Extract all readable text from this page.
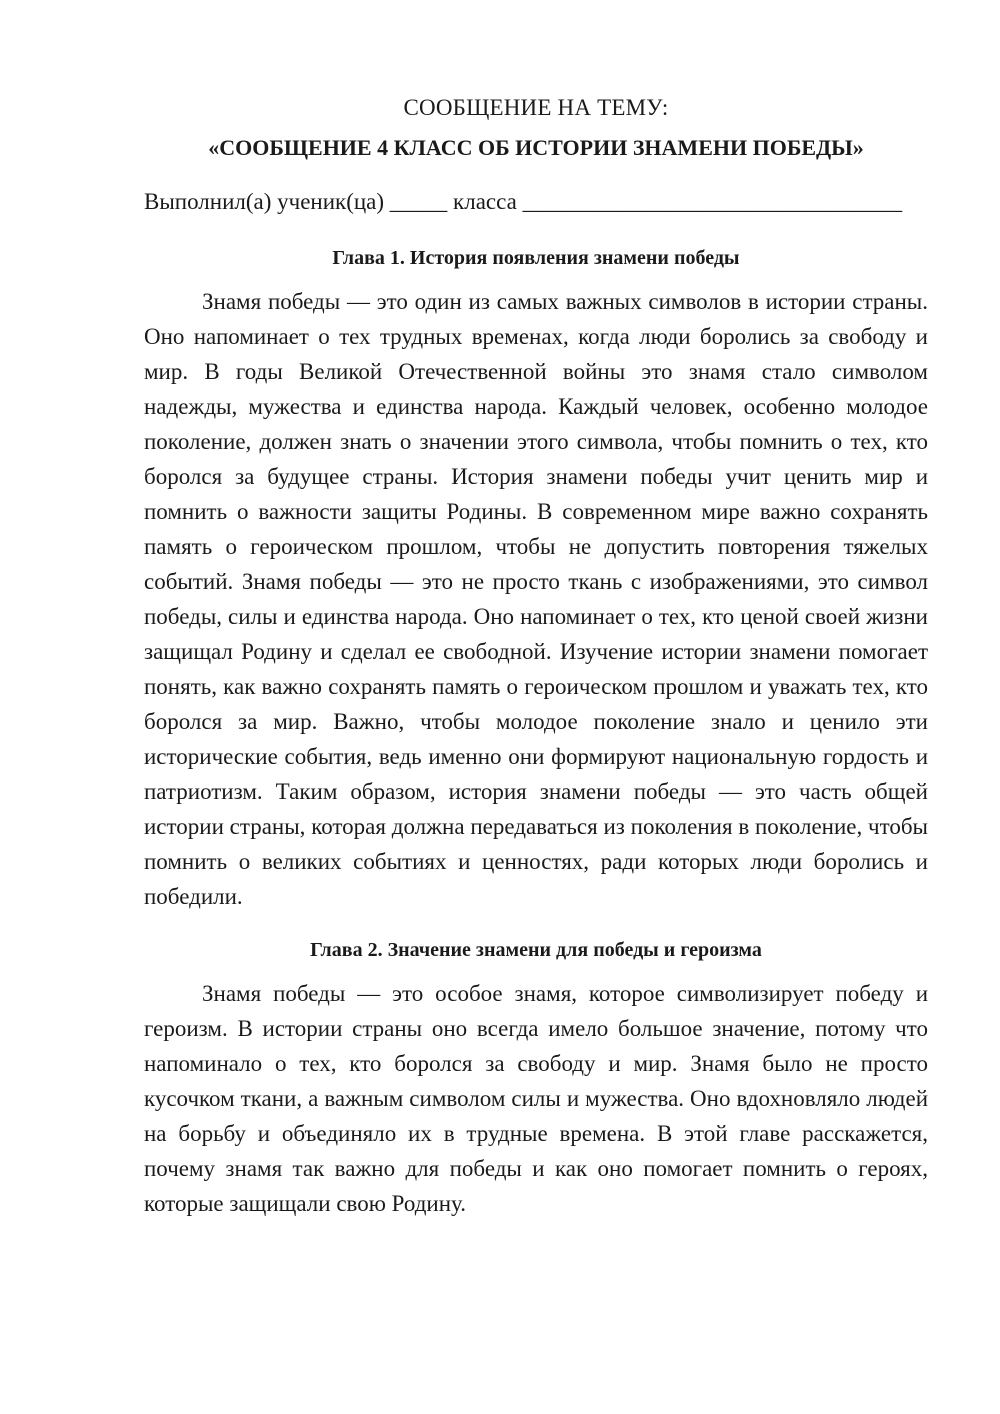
СООБЩЕНИЕ НА ТЕМУ:
«СООБЩЕНИЕ 4 КЛАСС ОБ ИСТОРИИ ЗНАМЕНИ ПОБЕДЫ»
Выполнил(а) ученик(ца) _____ класса _________________________________
Глава 1. История появления знамени победы

Знамя победы — это один из самых важных символов в истории страны. Оно напоминает о тех трудных временах, когда люди боролись за свободу и мир. В годы Великой Отечественной войны это знамя стало символом надежды, мужества и единства народа. Каждый человек, особенно молодое поколение, должен знать о значении этого символа, чтобы помнить о тех, кто боролся за будущее страны. История знамени победы учит ценить мир и помнить о важности защиты Родины. В современном мире важно сохранять память о героическом прошлом, чтобы не допустить повторения тяжелых событий. Знамя победы — это не просто ткань с изображениями, это символ победы, силы и единства народа. Оно напоминает о тех, кто ценой своей жизни защищал Родину и сделал ее свободной. Изучение истории знамени помогает понять, как важно сохранять память о героическом прошлом и уважать тех, кто боролся за мир. Важно, чтобы молодое поколение знало и ценило эти исторические события, ведь именно они формируют национальную гордость и патриотизм. Таким образом, история знамени победы — это часть общей истории страны, которая должна передаваться из поколения в поколение, чтобы помнить о великих событиях и ценностях, ради которых люди боролись и победили.

Глава 2. Значение знамени для победы и героизма

Знамя победы — это особое знамя, которое символизирует победу и героизм. В истории страны оно всегда имело большое значение, потому что напоминало о тех, кто боролся за свободу и мир. Знамя было не просто кусочком ткани, а важным символом силы и мужества. Оно вдохновляло людей на борьбу и объединяло их в трудные времена. В этой главе расскажется, почему знамя так важно для победы и как оно помогает помнить о героях, которые защищали свою Родину.
